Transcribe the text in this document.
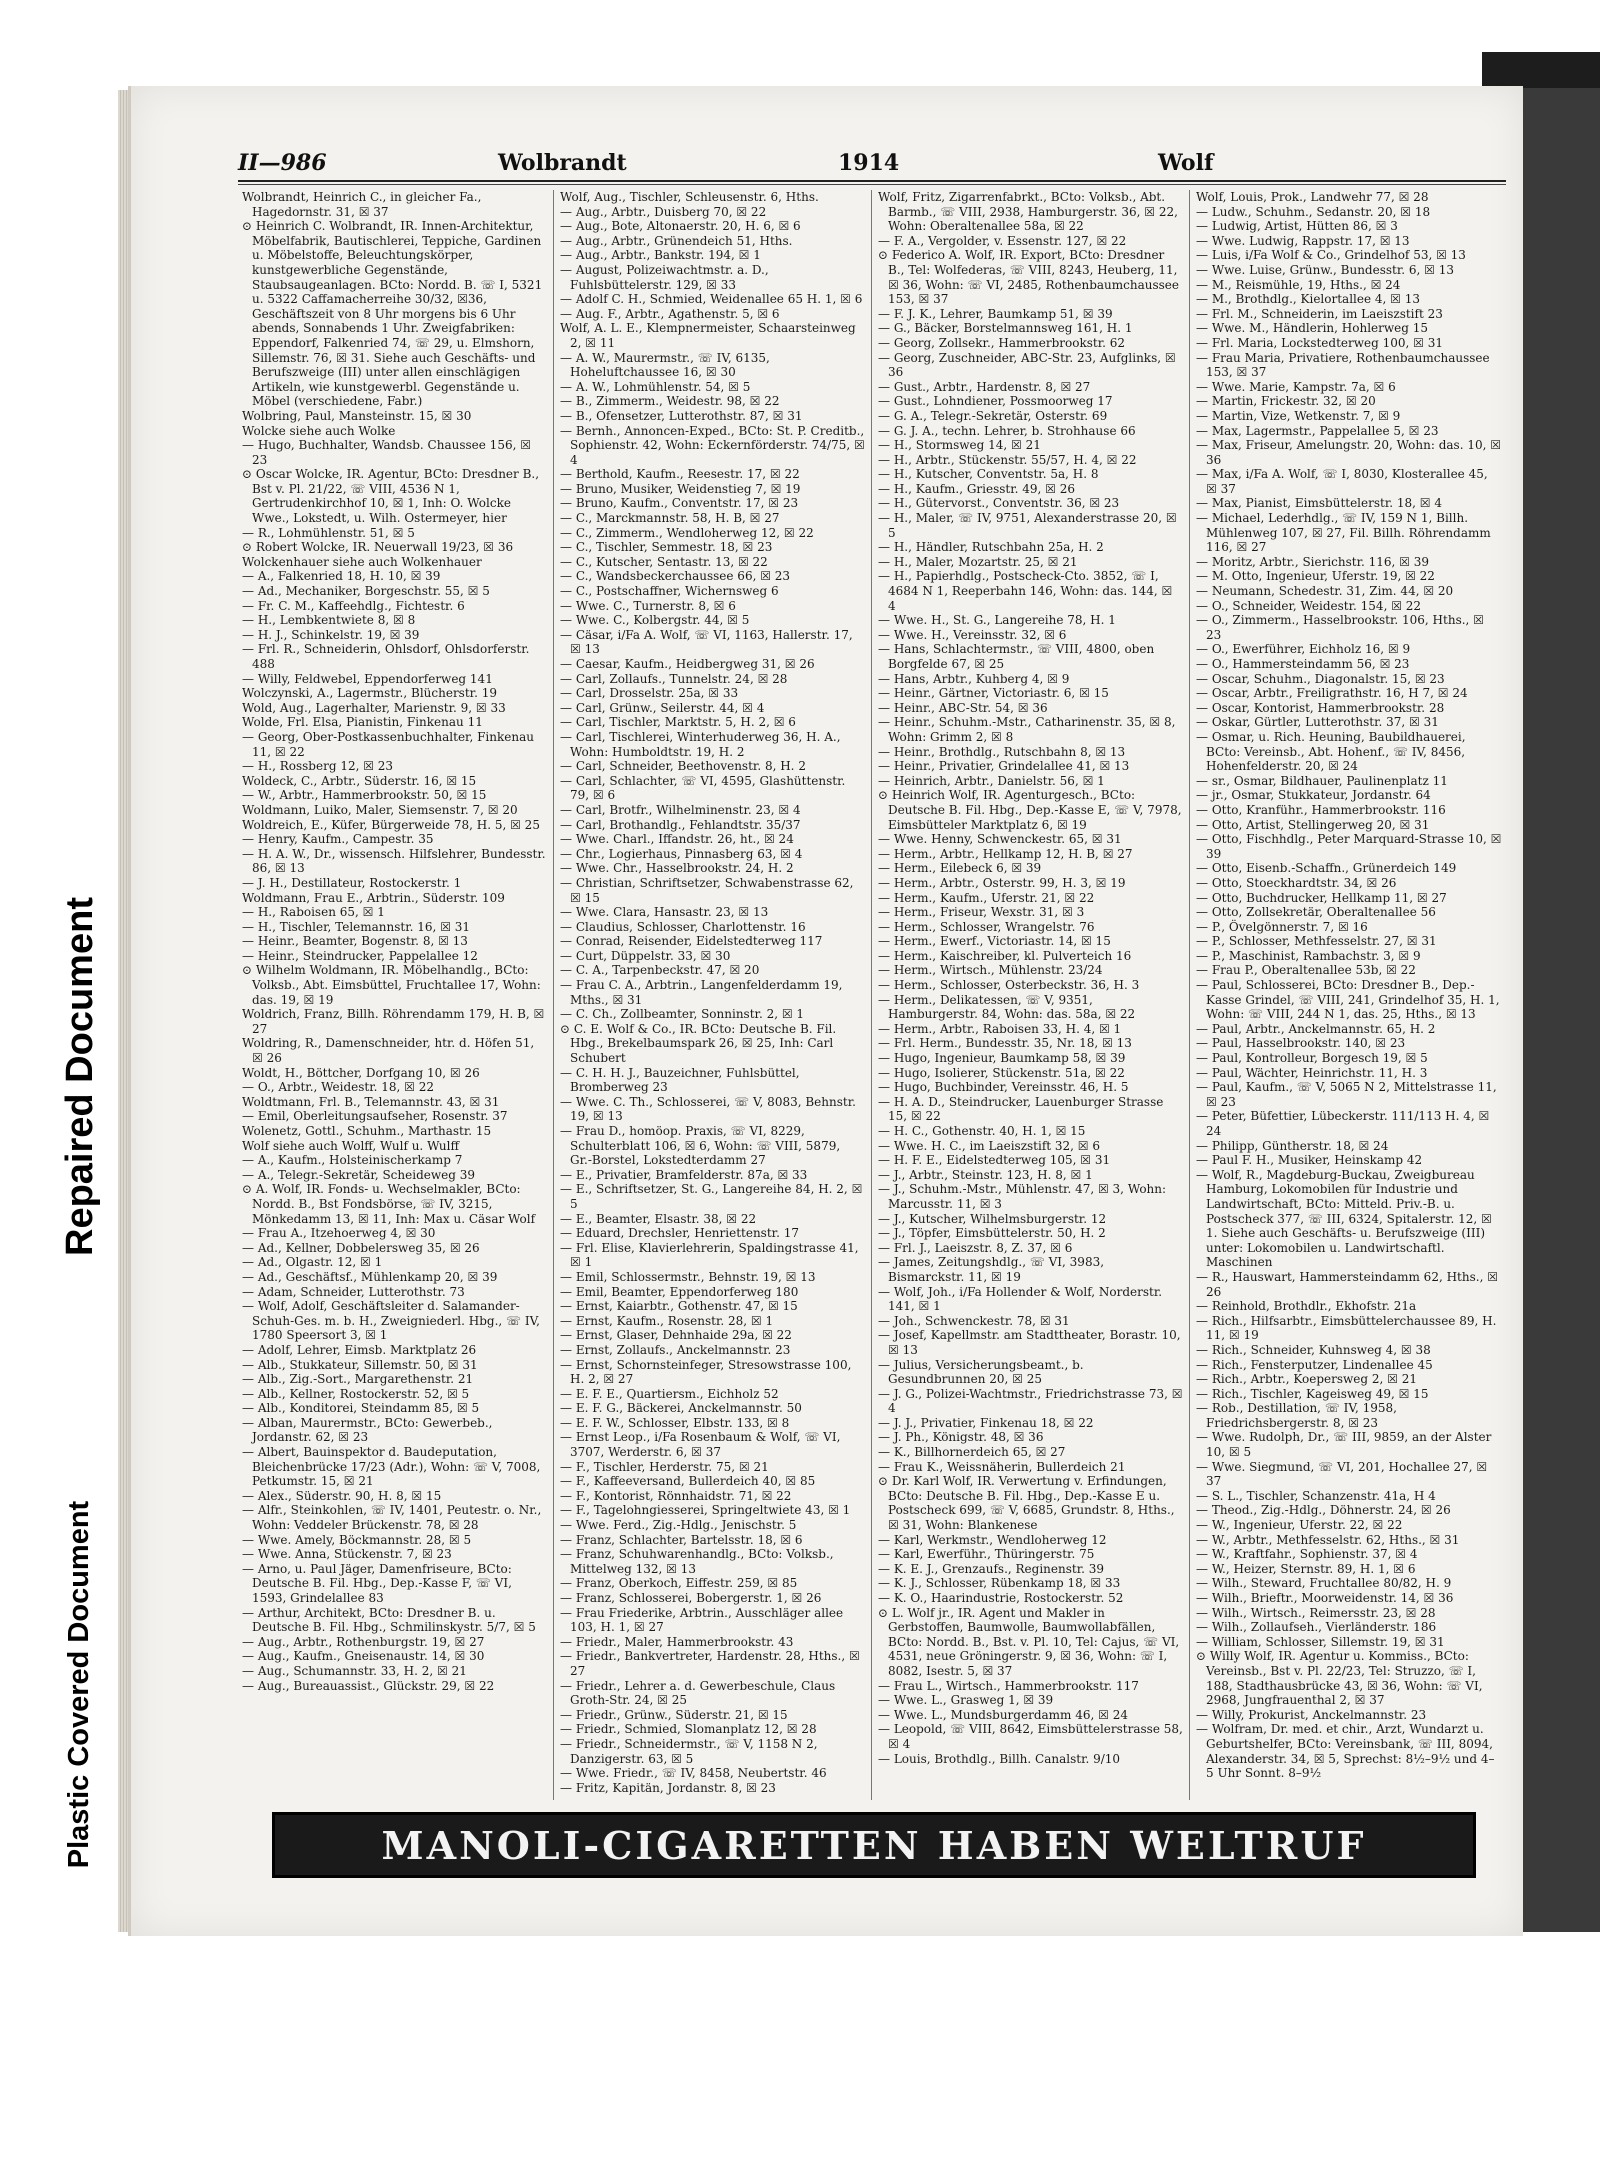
Repaired Document
Plastic Covered Document
II—986	Wolbrandt	1914	Wolf

Wolbrandt, Heinrich C., in gleicher Fa., Hagedornstr. 31, ☒ 37

⊙ Heinrich C. Wolbrandt, IR. Innen-Architektur, Möbelfabrik, Bautischlerei, Teppiche, Gardinen u. Möbelstoffe, Beleuchtungskörper, kunstgewerbliche Gegenstände, Staubsaugeanlagen. BCto: Nordd. B. ☏ I, 5321 u. 5322 Caffamacherreihe 30/32, ☒36, Geschäftszeit von 8 Uhr morgens bis 6 Uhr abends, Sonnabends 1 Uhr. Zweigfabriken: Eppendorf, Falkenried 74, ☏ 29, u. Elmshorn, Sillemstr. 76, ☒ 31. Siehe auch Geschäfts- und Berufszweige (III) unter allen einschlägigen Artikeln, wie kunstgewerbl. Gegenstände u. Möbel (verschiedene, Fabr.)

Wolbring, Paul, Mansteinstr. 15, ☒ 30

Wolcke siehe auch Wolke

— Hugo, Buchhalter, Wandsb. Chaussee 156, ☒ 23

⊙ Oscar Wolcke, IR. Agentur, BCto: Dresdner B., Bst v. Pl. 21/22, ☏ VIII, 4536 N 1, Gertrudenkirchhof 10, ☒ 1, Inh: O. Wolcke Wwe., Lokstedt, u. Wilh. Ostermeyer, hier

— R., Lohmühlenstr. 51, ☒ 5

⊙ Robert Wolcke, IR. Neuerwall 19/23, ☒ 36

Wolckenhauer siehe auch Wolkenhauer

— A., Falkenried 18, H. 10, ☒ 39

— Ad., Mechaniker, Borgeschstr. 55, ☒ 5

— Fr. C. M., Kaffeehdlg., Fichtestr. 6

— H., Lembkentwiete 8, ☒ 8

— H. J., Schinkelstr. 19, ☒ 39

— Frl. R., Schneiderin, Ohlsdorf, Ohlsdorferstr. 488

— Willy, Feldwebel, Eppendorferweg 141

Wolczynski, A., Lagermstr., Blücherstr. 19

Wold, Aug., Lagerhalter, Marienstr. 9, ☒ 33

Wolde, Frl. Elsa, Pianistin, Finkenau 11

— Georg, Ober-Postkassenbuchhalter, Finkenau 11, ☒ 22

— H., Rossberg 12, ☒ 23

Woldeck, C., Arbtr., Süderstr. 16, ☒ 15

— W., Arbtr., Hammerbrookstr. 50, ☒ 15

Woldmann, Luiko, Maler, Siemsenstr. 7, ☒ 20

Woldreich, E., Küfer, Bürgerweide 78, H. 5, ☒ 25

— Henry, Kaufm., Campestr. 35

— H. A. W., Dr., wissensch. Hilfslehrer, Bundesstr. 86, ☒ 13

— J. H., Destillateur, Rostockerstr. 1

Woldmann, Frau E., Arbtrin., Süderstr. 109

— H., Raboisen 65, ☒ 1

— H., Tischler, Telemannstr. 16, ☒ 31

— Heinr., Beamter, Bogenstr. 8, ☒ 13

— Heinr., Steindrucker, Pappelallee 12

⊙ Wilhelm Woldmann, IR. Möbelhandlg., BCto: Volksb., Abt. Eimsbüttel, Fruchtallee 17, Wohn: das. 19, ☒ 19

Woldrich, Franz, Billh. Röhrendamm 179, H. B, ☒ 27

Woldring, R., Damenschneider, htr. d. Höfen 51, ☒ 26

Woldt, H., Böttcher, Dorfgang 10, ☒ 26

— O., Arbtr., Weidestr. 18, ☒ 22

Woldtmann, Frl. B., Telemannstr. 43, ☒ 31

— Emil, Oberleitungsaufseher, Rosenstr. 37

Wolenetz, Gottl., Schuhm., Marthastr. 15

Wolf siehe auch Wolff, Wulf u. Wulff

— A., Kaufm., Holsteinischerkamp 7

— A., Telegr.-Sekretär, Scheideweg 39

⊙ A. Wolf, IR. Fonds- u. Wechselmakler, BCto: Nordd. B., Bst Fondsbörse, ☏ IV, 3215, Mönkedamm 13, ☒ 11, Inh: Max u. Cäsar Wolf

— Frau A., Itzehoerweg 4, ☒ 30

— Ad., Kellner, Dobbelersweg 35, ☒ 26

— Ad., Olgastr. 12, ☒ 1

— Ad., Geschäftsf., Mühlenkamp 20, ☒ 39

— Adam, Schneider, Lutterothstr. 73

— Wolf, Adolf, Geschäftsleiter d. Salamander-Schuh-Ges. m. b. H., Zweigniederl. Hbg., ☏ IV, 1780 Speersort 3, ☒ 1

— Adolf, Lehrer, Eimsb. Marktplatz 26

— Alb., Stukkateur, Sillemstr. 50, ☒ 31

— Alb., Zig.-Sort., Margarethenstr. 21

— Alb., Kellner, Rostockerstr. 52, ☒ 5

— Alb., Konditorei, Steindamm 85, ☒ 5

— Alban, Maurermstr., BCto: Gewerbeb., Jordanstr. 62, ☒ 23

— Albert, Bauinspektor d. Baudeputation, Bleichenbrücke 17/23 (Adr.), Wohn: ☏ V, 7008, Petkumstr. 15, ☒ 21

— Alex., Süderstr. 90, H. 8, ☒ 15

— Alfr., Steinkohlen, ☏ IV, 1401, Peutestr. o. Nr., Wohn: Veddeler Brückenstr. 78, ☒ 28

— Wwe. Amely, Böckmannstr. 28, ☒ 5

— Wwe. Anna, Stückenstr. 7, ☒ 23

— Arno, u. Paul Jäger, Damenfriseure, BCto: Deutsche B. Fil. Hbg., Dep.-Kasse F, ☏ VI, 1593, Grindelallee 83

— Arthur, Architekt, BCto: Dresdner B. u. Deutsche B. Fil. Hbg., Schmilinskystr. 5/7, ☒ 5

— Aug., Arbtr., Rothenburgstr. 19, ☒ 27

— Aug., Kaufm., Gneisenaustr. 14, ☒ 30

— Aug., Schumannstr. 33, H. 2, ☒ 21

— Aug., Bureauassist., Glückstr. 29, ☒ 22

Wolf, Aug., Tischler, Schleusenstr. 6, Hths.

— Aug., Arbtr., Duisberg 70, ☒ 22

— Aug., Bote, Altonaerstr. 20, H. 6, ☒ 6

— Aug., Arbtr., Grünendeich 51, Hths.

— Aug., Arbtr., Bankstr. 194, ☒ 1

— August, Polizeiwachtmstr. a. D., Fuhlsbüttelerstr. 129, ☒ 33

— Adolf C. H., Schmied, Weidenallee 65 H. 1, ☒ 6

— Aug. F., Arbtr., Agathenstr. 5, ☒ 6

Wolf, A. L. E., Klempnermeister, Schaarsteinweg 2, ☒ 11

— A. W., Maurermstr., ☏ IV, 6135, Hoheluftchaussee 16, ☒ 30

— A. W., Lohmühlenstr. 54, ☒ 5

— B., Zimmerm., Weidestr. 98, ☒ 22

— B., Ofensetzer, Lutterothstr. 87, ☒ 31

— Bernh., Annoncen-Exped., BCto: St. P. Creditb., Sophienstr. 42, Wohn: Eckernförderstr. 74/75, ☒ 4

— Berthold, Kaufm., Reesestr. 17, ☒ 22

— Bruno, Musiker, Weidenstieg 7, ☒ 19

— Bruno, Kaufm., Conventstr. 17, ☒ 23

— C., Marckmannstr. 58, H. B, ☒ 27

— C., Zimmerm., Wendloherweg 12, ☒ 22

— C., Tischler, Semmestr. 18, ☒ 23

— C., Kutscher, Sentastr. 13, ☒ 22

— C., Wandsbeckerchaussee 66, ☒ 23

— C., Postschaffner, Wichernsweg 6

— Wwe. C., Turnerstr. 8, ☒ 6

— Wwe. C., Kolbergstr. 44, ☒ 5

— Cäsar, i/Fa A. Wolf, ☏ VI, 1163, Hallerstr. 17, ☒ 13

— Caesar, Kaufm., Heidbergweg 31, ☒ 26

— Carl, Zollaufs., Tunnelstr. 24, ☒ 28

— Carl, Drosselstr. 25a, ☒ 33

— Carl, Grünw., Seilerstr. 44, ☒ 4

— Carl, Tischler, Marktstr. 5, H. 2, ☒ 6

— Carl, Tischlerei, Winterhuderweg 36, H. A., Wohn: Humboldtstr. 19, H. 2

— Carl, Schneider, Beethovenstr. 8, H. 2

— Carl, Schlachter, ☏ VI, 4595, Glashüttenstr. 79, ☒ 6

— Carl, Brotfr., Wilhelminenstr. 23, ☒ 4

— Carl, Brothandlg., Fehlandtstr. 35/37

— Wwe. Charl., Iffandstr. 26, ht., ☒ 24

— Chr., Logierhaus, Pinnasberg 63, ☒ 4

— Wwe. Chr., Hasselbrookstr. 24, H. 2

— Christian, Schriftsetzer, Schwabenstrasse 62, ☒ 15

— Wwe. Clara, Hansastr. 23, ☒ 13

— Claudius, Schlosser, Charlottenstr. 16

— Conrad, Reisender, Eidelstedterweg 117

— Curt, Düppelstr. 33, ☒ 30

— C. A., Tarpenbeckstr. 47, ☒ 20

— Frau C. A., Arbtrin., Langenfelderdamm 19, Mths., ☒ 31

— C. Ch., Zollbeamter, Sonninstr. 2, ☒ 1

⊙ C. E. Wolf & Co., IR. BCto: Deutsche B. Fil. Hbg., Brekelbaumspark 26, ☒ 25, Inh: Carl Schubert

— C. H. H. J., Bauzeichner, Fuhlsbüttel, Bromberweg 23

— Wwe. C. Th., Schlosserei, ☏ V, 8083, Behnstr. 19, ☒ 13

— Frau D., homöop. Praxis, ☏ VI, 8229, Schulterblatt 106, ☒ 6, Wohn: ☏ VIII, 5879, Gr.-Borstel, Lokstedterdamm 27

— E., Privatier, Bramfelderstr. 87a, ☒ 33

— E., Schriftsetzer, St. G., Langereihe 84, H. 2, ☒ 5

— E., Beamter, Elsastr. 38, ☒ 22

— Eduard, Drechsler, Henriettenstr. 17

— Frl. Elise, Klavierlehrerin, Spaldingstrasse 41, ☒ 1

— Emil, Schlossermstr., Behnstr. 19, ☒ 13

— Emil, Beamter, Eppendorferweg 180

— Ernst, Kaiarbtr., Gothenstr. 47, ☒ 15

— Ernst, Kaufm., Rosenstr. 28, ☒ 1

— Ernst, Glaser, Dehnhaide 29a, ☒ 22

— Ernst, Zollaufs., Anckelmannstr. 23

— Ernst, Schornsteinfeger, Stresowstrasse 100, H. 2, ☒ 27

— E. F. E., Quartiersm., Eichholz 52

— E. F. G., Bäckerei, Anckelmannstr. 50

— E. F. W., Schlosser, Elbstr. 133, ☒ 8

— Ernst Leop., i/Fa Rosenbaum & Wolf, ☏ VI, 3707, Werderstr. 6, ☒ 37

— F., Tischler, Herderstr. 75, ☒ 21

— F., Kaffeeversand, Bullerdeich 40, ☒ 85

— F., Kontorist, Rönnhaidstr. 71, ☒ 22

— F., Tagelohngiesserei, Springeltwiete 43, ☒ 1

— Wwe. Ferd., Zig.-Hdlg., Jenischstr. 5

— Franz, Schlachter, Bartelsstr. 18, ☒ 6

— Franz, Schuhwarenhandlg., BCto: Volksb., Mittelweg 132, ☒ 13

— Franz, Oberkoch, Eiffestr. 259, ☒ 85

— Franz, Schlosserei, Bobergerstr. 1, ☒ 26

— Frau Friederike, Arbtrin., Ausschläger allee 103, H. 1, ☒ 27

— Friedr., Maler, Hammerbrookstr. 43

— Friedr., Bankvertreter, Hardenstr. 28, Hths., ☒ 27

— Friedr., Lehrer a. d. Gewerbeschule, Claus Groth-Str. 24, ☒ 25

— Friedr., Grünw., Süderstr. 21, ☒ 15

— Friedr., Schmied, Slomanplatz 12, ☒ 28

— Friedr., Schneidermstr., ☏ V, 1158 N 2, Danzigerstr. 63, ☒ 5

— Wwe. Friedr., ☏ IV, 8458, Neubertstr. 46

— Fritz, Kapitän, Jordanstr. 8, ☒ 23

Wolf, Fritz, Zigarrenfabrkt., BCto: Volksb., Abt. Barmb., ☏ VIII, 2938, Hamburgerstr. 36, ☒ 22, Wohn: Oberaltenallee 58a, ☒ 22

— F. A., Vergolder, v. Essenstr. 127, ☒ 22

⊙ Federico A. Wolf, IR. Export, BCto: Dresdner B., Tel: Wolfederas, ☏ VIII, 8243, Heuberg, 11, ☒ 36, Wohn: ☏ VI, 2485, Rothenbaumchaussee 153, ☒ 37

— F. J. K., Lehrer, Baumkamp 51, ☒ 39

— G., Bäcker, Borstelmannsweg 161, H. 1

— Georg, Zollsekr., Hammerbrookstr. 62

— Georg, Zuschneider, ABC-Str. 23, Aufglinks, ☒ 36

— Gust., Arbtr., Hardenstr. 8, ☒ 27

— Gust., Lohndiener, Possmoorweg 17

— G. A., Telegr.-Sekretär, Osterstr. 69

— G. J. A., techn. Lehrer, b. Strohhause 66

— H., Stormsweg 14, ☒ 21

— H., Arbtr., Stückenstr. 55/57, H. 4, ☒ 22

— H., Kutscher, Conventstr. 5a, H. 8

— H., Kaufm., Griesstr. 49, ☒ 26

— H., Gütervorst., Conventstr. 36, ☒ 23

— H., Maler, ☏ IV, 9751, Alexanderstrasse 20, ☒ 5

— H., Händler, Rutschbahn 25a, H. 2

— H., Maler, Mozartstr. 25, ☒ 21

— H., Papierhdlg., Postscheck-Cto. 3852, ☏ I, 4684 N 1, Reeperbahn 146, Wohn: das. 144, ☒ 4

— Wwe. H., St. G., Langereihe 78, H. 1

— Wwe. H., Vereinsstr. 32, ☒ 6

— Hans, Schlachtermstr., ☏ VIII, 4800, oben Borgfelde 67, ☒ 25

— Hans, Arbtr., Kuhberg 4, ☒ 9

— Heinr., Gärtner, Victoriastr. 6, ☒ 15

— Heinr., ABC-Str. 54, ☒ 36

— Heinr., Schuhm.-Mstr., Catharinenstr. 35, ☒ 8, Wohn: Grimm 2, ☒ 8

— Heinr., Brothdlg., Rutschbahn 8, ☒ 13

— Heinr., Privatier, Grindelallee 41, ☒ 13

— Heinrich, Arbtr., Danielstr. 56, ☒ 1

⊙ Heinrich Wolf, IR. Agenturgesch., BCto: Deutsche B. Fil. Hbg., Dep.-Kasse E, ☏ V, 7978, Eimsbütteler Marktplatz 6, ☒ 19

— Wwe. Henny, Schwenckestr. 65, ☒ 31

— Herm., Arbtr., Hellkamp 12, H. B, ☒ 27

— Herm., Eilebeck 6, ☒ 39

— Herm., Arbtr., Osterstr. 99, H. 3, ☒ 19

— Herm., Kaufm., Uferstr. 21, ☒ 22

— Herm., Friseur, Wexstr. 31, ☒ 3

— Herm., Schlosser, Wrangelstr. 76

— Herm., Ewerf., Victoriastr. 14, ☒ 15

— Herm., Kaischreiber, kl. Pulverteich 16

— Herm., Wirtsch., Mühlenstr. 23/24

— Herm., Schlosser, Osterbeckstr. 36, H. 3

— Herm., Delikatessen, ☏ V, 9351, Hamburgerstr. 84, Wohn: das. 58a, ☒ 22

— Herm., Arbtr., Raboisen 33, H. 4, ☒ 1

— Frl. Herm., Bundesstr. 35, Nr. 18, ☒ 13

— Hugo, Ingenieur, Baumkamp 58, ☒ 39

— Hugo, Isolierer, Stückenstr. 51a, ☒ 22

— Hugo, Buchbinder, Vereinsstr. 46, H. 5

— H. A. D., Steindrucker, Lauenburger Strasse 15, ☒ 22

— H. C., Gothenstr. 40, H. 1, ☒ 15

— Wwe. H. C., im Laeiszstift 32, ☒ 6

— H. F. E., Eidelstedterweg 105, ☒ 31

— J., Arbtr., Steinstr. 123, H. 8, ☒ 1

— J., Schuhm.-Mstr., Mühlenstr. 47, ☒ 3, Wohn: Marcusstr. 11, ☒ 3

— J., Kutscher, Wilhelmsburgerstr. 12

— J., Töpfer, Eimsbüttelerstr. 50, H. 2

— Frl. J., Laeiszstr. 8, Z. 37, ☒ 6

— James, Zeitungshdlg., ☏ VI, 3983, Bismarckstr. 11, ☒ 19

— Wolf, Joh., i/Fa Hollender & Wolf, Norderstr. 141, ☒ 1

— Joh., Schwenckestr. 78, ☒ 31

— Josef, Kapellmstr. am Stadttheater, Borastr. 10, ☒ 13

— Julius, Versicherungsbeamt., b. Gesundbrunnen 20, ☒ 25

— J. G., Polizei-Wachtmstr., Friedrichstrasse 73, ☒ 4

— J. J., Privatier, Finkenau 18, ☒ 22

— J. Ph., Königstr. 48, ☒ 36

— K., Billhornerdeich 65, ☒ 27

— Frau K., Weissnäherin, Bullerdeich 21

⊙ Dr. Karl Wolf, IR. Verwertung v. Erfindungen, BCto: Deutsche B. Fil. Hbg., Dep.-Kasse E u. Postscheck 699, ☏ V, 6685, Grundstr. 8, Hths., ☒ 31, Wohn: Blankenese

— Karl, Werkmstr., Wendloherweg 12

— Karl, Ewerführ., Thüringerstr. 75

— K. E. J., Grenzaufs., Reginenstr. 39

— K. J., Schlosser, Rübenkamp 18, ☒ 33

— K. O., Haarindustrie, Rostockerstr. 52

⊙ L. Wolf jr., IR. Agent und Makler in Gerbstoffen, Baumwolle, Baumwollabfällen, BCto: Nordd. B., Bst. v. Pl. 10, Tel: Cajus, ☏ VI, 4531, neue Gröningerstr. 9, ☒ 36, Wohn: ☏ I, 8082, Isestr. 5, ☒ 37

— Frau L., Wirtsch., Hammerbrookstr. 117

— Wwe. L., Grasweg 1, ☒ 39

— Wwe. L., Mundsburgerdamm 46, ☒ 24

— Leopold, ☏ VIII, 8642, Eimsbüttelerstrasse 58, ☒ 4

— Louis, Brothdlg., Billh. Canalstr. 9/10

Wolf, Louis, Prok., Landwehr 77, ☒ 28

— Ludw., Schuhm., Sedanstr. 20, ☒ 18

— Ludwig, Artist, Hütten 86, ☒ 3

— Wwe. Ludwig, Rappstr. 17, ☒ 13

— Luis, i/Fa Wolf & Co., Grindelhof 53, ☒ 13

— Wwe. Luise, Grünw., Bundesstr. 6, ☒ 13

— M., Reismühle, 19, Hths., ☒ 24

— M., Brothdlg., Kielortallee 4, ☒ 13

— Frl. M., Schneiderin, im Laeiszstift 23

— Wwe. M., Händlerin, Hohlerweg 15

— Frl. Maria, Lockstedterweg 100, ☒ 31

— Frau Maria, Privatiere, Rothenbaumchaussee 153, ☒ 37

— Wwe. Marie, Kampstr. 7a, ☒ 6

— Martin, Frickestr. 32, ☒ 20

— Martin, Vize, Wetkenstr. 7, ☒ 9

— Max, Lagermstr., Pappelallee 5, ☒ 23

— Max, Friseur, Amelungstr. 20, Wohn: das. 10, ☒ 36

— Max, i/Fa A. Wolf, ☏ I, 8030, Klosterallee 45, ☒ 37

— Max, Pianist, Eimsbüttelerstr. 18, ☒ 4

— Michael, Lederhdlg., ☏ IV, 159 N 1, Billh. Mühlenweg 107, ☒ 27, Fil. Billh. Röhrendamm 116, ☒ 27

— Moritz, Arbtr., Sierichstr. 116, ☒ 39

— M. Otto, Ingenieur, Uferstr. 19, ☒ 22

— Neumann, Schedestr. 31, Zim. 44, ☒ 20

— O., Schneider, Weidestr. 154, ☒ 22

— O., Zimmerm., Hasselbrookstr. 106, Hths., ☒ 23

— O., Ewerführer, Eichholz 16, ☒ 9

— O., Hammersteindamm 56, ☒ 23

— Oscar, Schuhm., Diagonalstr. 15, ☒ 23

— Oscar, Arbtr., Freiligrathstr. 16, H 7, ☒ 24

— Oscar, Kontorist, Hammerbrookstr. 28

— Oskar, Gürtler, Lutterothstr. 37, ☒ 31

— Osmar, u. Rich. Heuning, Baubildhauerei, BCto: Vereinsb., Abt. Hohenf., ☏ IV, 8456, Hohenfelderstr. 20, ☒ 24

— sr., Osmar, Bildhauer, Paulinenplatz 11

— jr., Osmar, Stukkateur, Jordanstr. 64

— Otto, Kranführ., Hammerbrookstr. 116

— Otto, Artist, Stellingerweg 20, ☒ 31

— Otto, Fischhdlg., Peter Marquard-Strasse 10, ☒ 39

— Otto, Eisenb.-Schaffn., Grünerdeich 149

— Otto, Stoeckhardtstr. 34, ☒ 26

— Otto, Buchdrucker, Hellkamp 11, ☒ 27

— Otto, Zollsekretär, Oberaltenallee 56

— P., Övelgönnerstr. 7, ☒ 16

— P., Schlosser, Methfesselstr. 27, ☒ 31

— P., Maschinist, Rambachstr. 3, ☒ 9

— Frau P., Oberaltenallee 53b, ☒ 22

— Paul, Schlosserei, BCto: Dresdner B., Dep.-Kasse Grindel, ☏ VIII, 241, Grindelhof 35, H. 1, Wohn: ☏ VIII, 244 N 1, das. 25, Hths., ☒ 13

— Paul, Arbtr., Anckelmannstr. 65, H. 2

— Paul, Hasselbrookstr. 140, ☒ 23

— Paul, Kontrolleur, Borgesch 19, ☒ 5

— Paul, Wächter, Heinrichstr. 11, H. 3

— Paul, Kaufm., ☏ V, 5065 N 2, Mittelstrasse 11, ☒ 23

— Peter, Büfettier, Lübeckerstr. 111/113 H. 4, ☒ 24

— Philipp, Güntherstr. 18, ☒ 24

— Paul F. H., Musiker, Heinskamp 42

— Wolf, R., Magdeburg-Buckau, Zweigbureau Hamburg, Lokomobilen für Industrie und Landwirtschaft, BCto: Mitteld. Priv.-B. u. Postscheck 377, ☏ III, 6324, Spitalerstr. 12, ☒ 1. Siehe auch Geschäfts- u. Berufszweige (III) unter: Lokomobilen u. Landwirtschaftl. Maschinen

— R., Hauswart, Hammersteindamm 62, Hths., ☒ 26

— Reinhold, Brothdlr., Ekhofstr. 21a

— Rich., Hilfsarbtr., Eimsbüttelerchaussee 89, H. 11, ☒ 19

— Rich., Schneider, Kuhnsweg 4, ☒ 38

— Rich., Fensterputzer, Lindenallee 45

— Rich., Arbtr., Koepersweg 2, ☒ 21

— Rich., Tischler, Kageisweg 49, ☒ 15

— Rob., Destillation, ☏ IV, 1958, Friedrichsbergerstr. 8, ☒ 23

— Wwe. Rudolph, Dr., ☏ III, 9859, an der Alster 10, ☒ 5

— Wwe. Siegmund, ☏ VI, 201, Hochallee 27, ☒ 37

— S. L., Tischler, Schanzenstr. 41a, H 4

— Theod., Zig.-Hdlg., Döhnerstr. 24, ☒ 26

— W., Ingenieur, Uferstr. 22, ☒ 22

— W., Arbtr., Methfesselstr. 62, Hths., ☒ 31

— W., Kraftfahr., Sophienstr. 37, ☒ 4

— W., Heizer, Sternstr. 89, H. 1, ☒ 6

— Wilh., Steward, Fruchtallee 80/82, H. 9

— Wilh., Brieftr., Moorweidenstr. 14, ☒ 36

— Wilh., Wirtsch., Reimersstr. 23, ☒ 28

— Wilh., Zollaufseh., Vierländerstr. 186

— William, Schlosser, Sillemstr. 19, ☒ 31

⊙ Willy Wolf, IR. Agentur u. Kommiss., BCto: Vereinsb., Bst v. Pl. 22/23, Tel: Struzzo, ☏ I, 188, Stadthausbrücke 43, ☒ 36, Wohn: ☏ VI, 2968, Jungfrauenthal 2, ☒ 37

— Willy, Prokurist, Anckelmannstr. 23

— Wolfram, Dr. med. et chir., Arzt, Wundarzt u. Geburtshelfer, BCto: Vereinsbank, ☏ III, 8094, Alexanderstr. 34, ☒ 5, Sprechst: 8½–9½ und 4–5 Uhr Sonnt. 8–9½

MANOLI-CIGARETTEN HABEN WELTRUF
